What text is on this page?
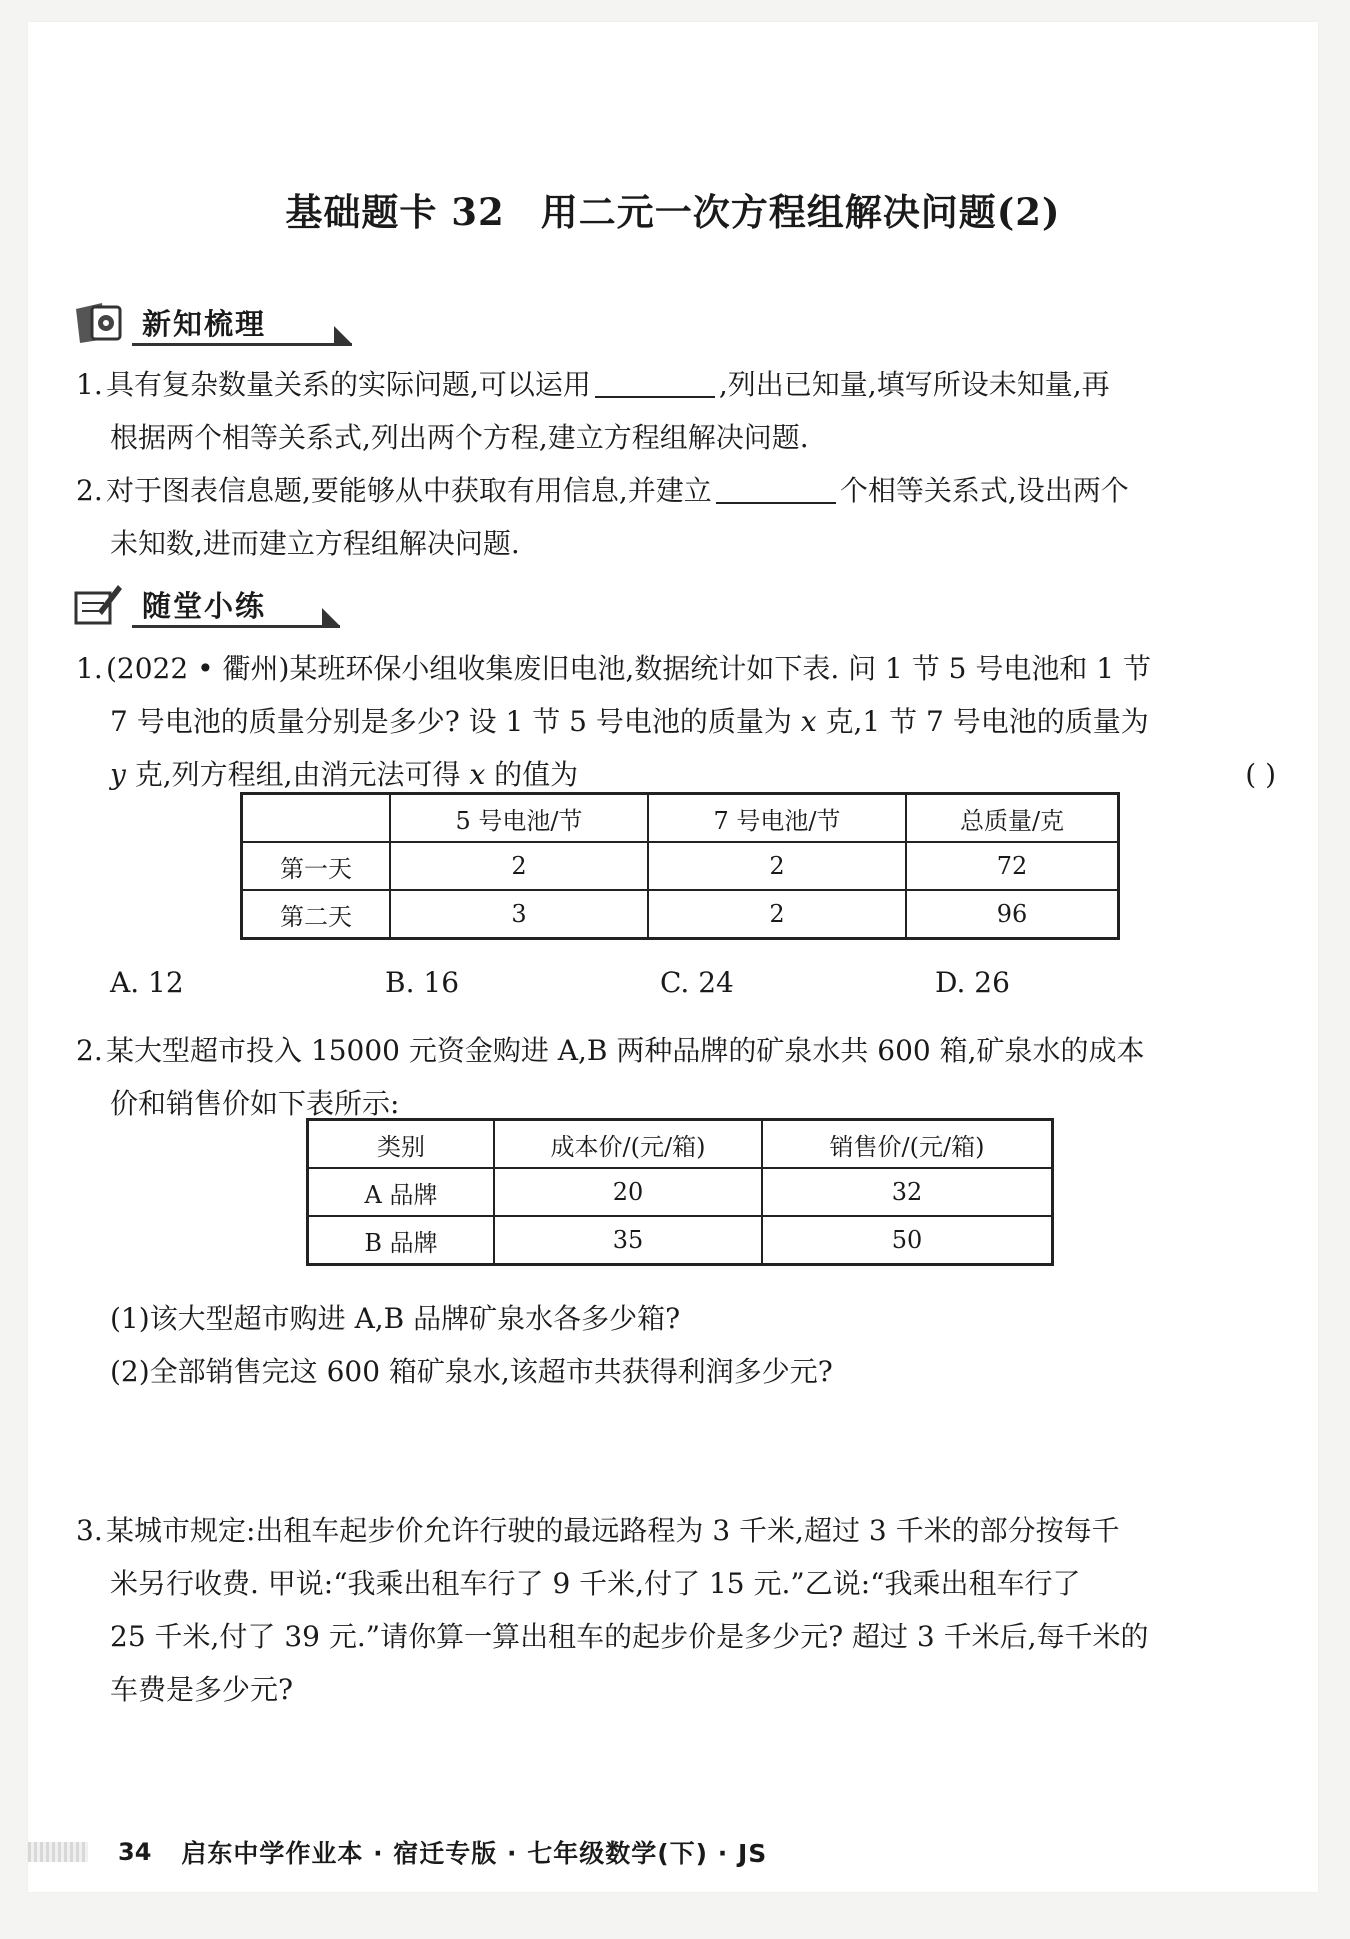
基础题卡 32 用二元一次方程组解决问题(2)
新知梳理
1. 具有复杂数量关系的实际问题,可以运用	,列出已知量,填写所设未知量,再
根据两个相等关系式,列出两个方程,建立方程组解决问题.
2. 对于图表信息题,要能够从中获取有用信息,并建立	个相等关系式,设出两个
未知数,进而建立方程组解决问题.
随堂小练
1. (2022 • 衢州)某班环保小组收集废旧电池,数据统计如下表. 问 1 节 5 号电池和 1 节
7 号电池的质量分别是多少? 设 1 节 5 号电池的质量为 x 克,1 节 7 号电池的质量为
y 克,列方程组,由消元法可得 x 的值为	( )
	5 号电池/节	7 号电池/节	总质量/克
第一天	2	2	72
第二天	3	2	96
A. 12	B. 16	C. 24	D. 26
2. 某大型超市投入 15000 元资金购进 A,B 两种品牌的矿泉水共 600 箱,矿泉水的成本
价和销售价如下表所示:
类别	成本价/(元/箱)	销售价/(元/箱)
A 品牌	20	32
B 品牌	35	50
(1)该大型超市购进 A,B 品牌矿泉水各多少箱?
(2)全部销售完这 600 箱矿泉水,该超市共获得利润多少元?
3. 某城市规定:出租车起步价允许行驶的最远路程为 3 千米,超过 3 千米的部分按每千
米另行收费. 甲说:“我乘出租车行了 9 千米,付了 15 元.”乙说:“我乘出租车行了
25 千米,付了 39 元.”请你算一算出租车的起步价是多少元? 超过 3 千米后,每千米的
车费是多少元?
34 启东中学作业本 · 宿迁专版 · 七年级数学(下) · JS
